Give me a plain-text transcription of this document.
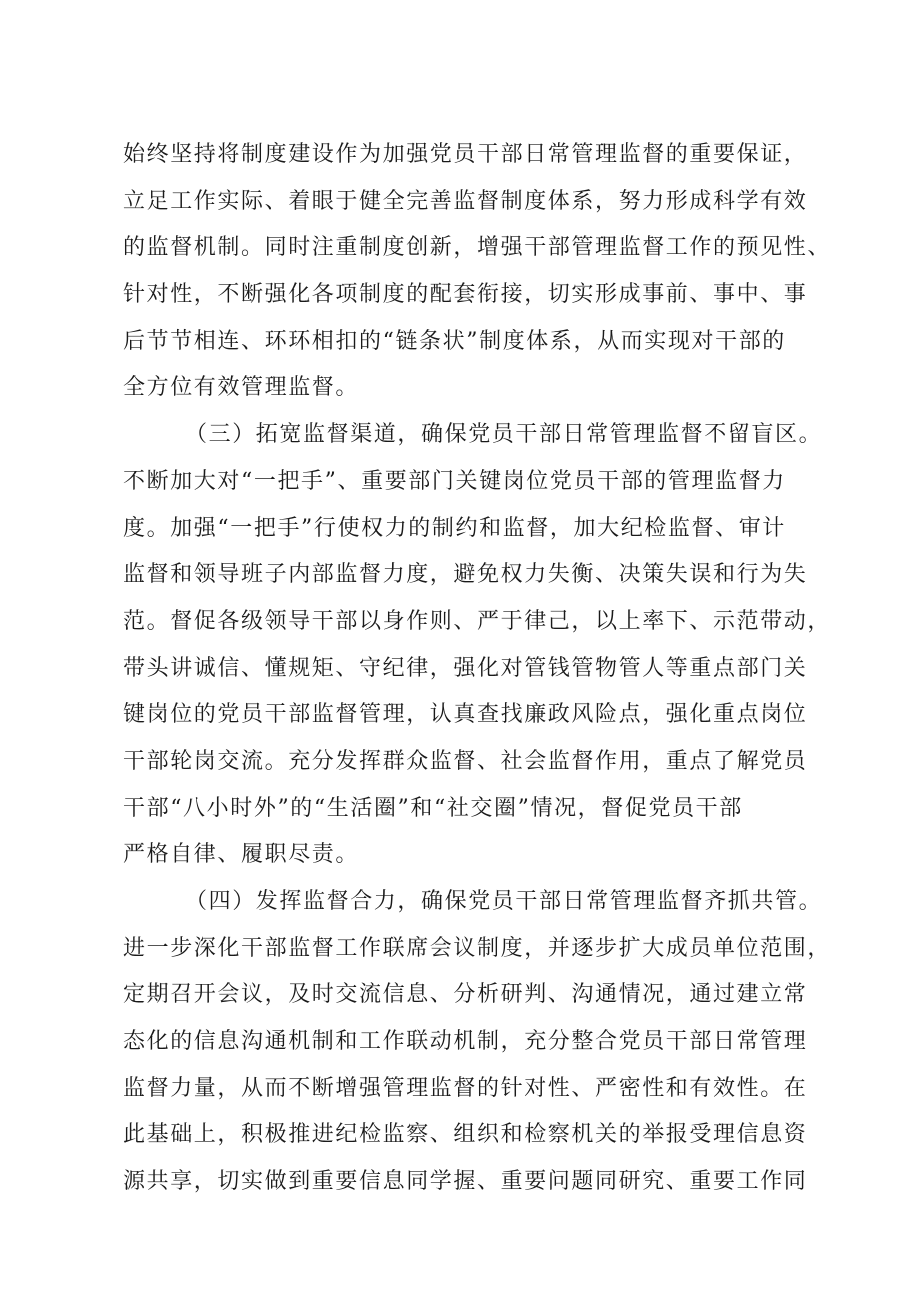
始终坚持将制度建设作为加强党员干部日常管理监督的重要保证，

立足工作实际、着眼于健全完善监督制度体系，努力形成科学有效

的监督机制。同时注重制度创新，增强干部管理监督工作的预见性、

针对性，不断强化各项制度的配套衔接，切实形成事前、事中、事

后节节相连、环环相扣的“链条状”制度体系，从而实现对干部的

全方位有效管理监督。

（三）拓宽监督渠道，确保党员干部日常管理监督不留盲区。

不断加大对“一把手”、重要部门关键岗位党员干部的管理监督力

度。加强“一把手”行使权力的制约和监督，加大纪检监督、审计

监督和领导班子内部监督力度，避免权力失衡、决策失误和行为失

范。督促各级领导干部以身作则、严于律己，以上率下、示范带动，

带头讲诚信、懂规矩、守纪律，强化对管钱管物管人等重点部门关

键岗位的党员干部监督管理，认真查找廉政风险点，强化重点岗位

干部轮岗交流。充分发挥群众监督、社会监督作用，重点了解党员

干部“八小时外”的“生活圈”和“社交圈”情况，督促党员干部

严格自律、履职尽责。

（四）发挥监督合力，确保党员干部日常管理监督齐抓共管。

进一步深化干部监督工作联席会议制度，并逐步扩大成员单位范围，

定期召开会议，及时交流信息、分析研判、沟通情况，通过建立常

态化的信息沟通机制和工作联动机制，充分整合党员干部日常管理

监督力量，从而不断增强管理监督的针对性、严密性和有效性。在

此基础上，积极推进纪检监察、组织和检察机关的举报受理信息资

源共享，切实做到重要信息同学握、重要问题同研究、重要工作同
